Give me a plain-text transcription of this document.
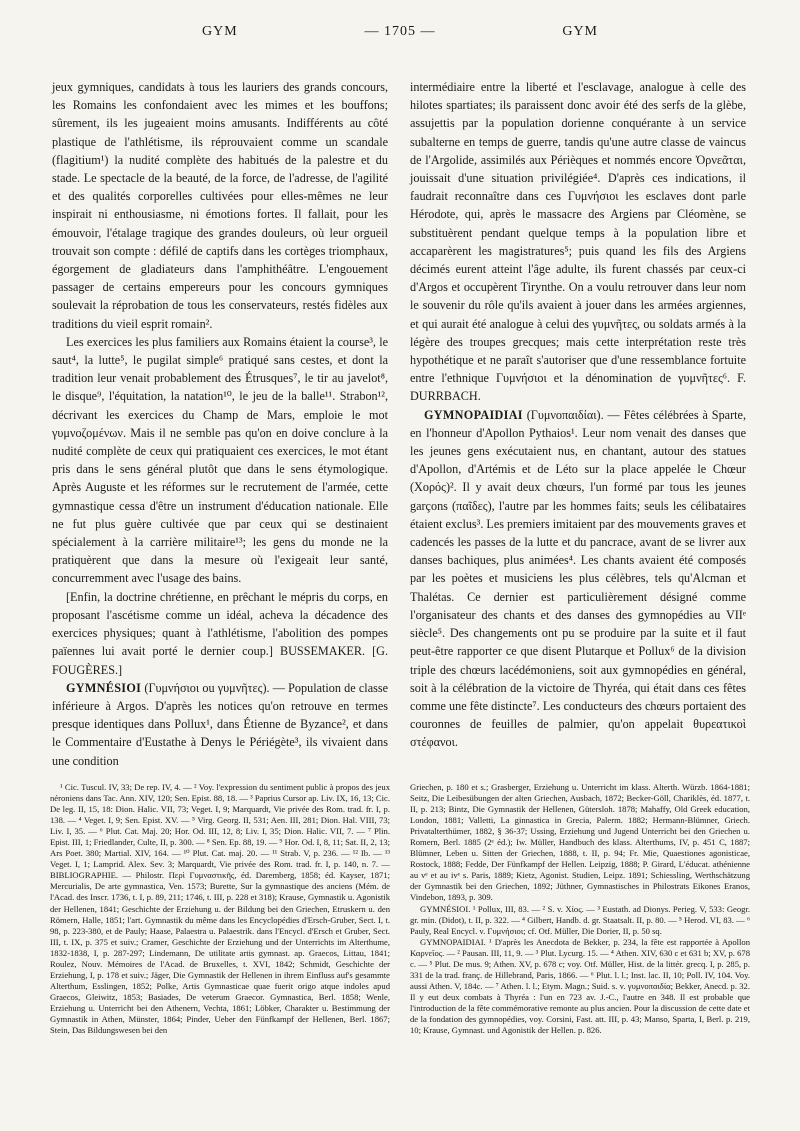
GYM	— 1705 —	GYM

jeux gymniques, candidats à tous les lauriers des grands concours, les Romains les confondaient avec les mimes et les bouffons; sûrement, ils les jugeaient moins amusants. Indifférents au côté plastique de l'athlétisme, ils réprouvaient comme un scandale (flagitium¹) la nudité complète des habitués de la palestre et du stade. Le spectacle de la beauté, de la force, de l'adresse, de l'agilité et des qualités corporelles cultivées pour elles-mêmes ne leur inspirait ni enthousiasme, ni émotions fortes. Il fallait, pour les émouvoir, l'étalage tragique des grandes douleurs, où leur orgueil trouvait son compte : défilé de captifs dans les cortèges triomphaux, égorgement de gladiateurs dans l'amphithéâtre. L'engouement passager de certains empereurs pour les concours gymniques soulevait la réprobation de tous les conservateurs, restés fidèles aux traditions du vieil esprit romain².

Les exercices les plus familiers aux Romains étaient la course³, le saut⁴, la lutte⁵, le pugilat simple⁶ pratiqué sans cestes, et dont la tradition leur venait probablement des Étrusques⁷, le tir au javelot⁸, le disque⁹, l'équitation, la natation¹⁰, le jeu de la balle¹¹. Strabon¹², décrivant les exercices du Champ de Mars, emploie le mot γυμνοζομένων. Mais il ne semble pas qu'on en doive conclure à la nudité complète de ceux qui pratiquaient ces exercices, le mot étant pris dans le sens général plutôt que dans le sens étymologique. Après Auguste et les réformes sur le recrutement de l'armée, cette gymnastique cessa d'être un instrument d'éducation nationale. Elle ne fut plus guère cultivée que par ceux qui se destinaient spécialement à la carrière militaire¹³; les gens du monde ne la pratiquèrent que dans la mesure où l'exigeait leur santé, concurremment avec l'usage des bains.

[Enfin, la doctrine chrétienne, en prêchant le mépris du corps, en proposant l'ascétisme comme un idéal, acheva la décadence des exercices physiques; quant à l'athlétisme, l'abolition des pompes païennes lui avait porté le dernier coup.] BUSSEMAKER. [G. FOUGÈRES.]

GYMNÉSIOI (Γυμνήσιοι ou γυμνῆτες). — Population de classe inférieure à Argos. D'après les notices qu'on retrouve en termes presque identiques dans Pollux¹, dans Étienne de Byzance², et dans le Commentaire d'Eustathe à Denys le Périégète³, ils vivaient dans une condition

intermédiaire entre la liberté et l'esclavage, analogue à celle des hilotes spartiates; ils paraissent donc avoir été des serfs de la glèbe, assujettis par la population dorienne conquérante à un service subalterne en temps de guerre, tandis qu'une autre classe de vaincus de l'Argolide, assimilés aux Périèques et nommés encore Ὀρνεᾶται, jouissait d'une situation privilégiée⁴. D'après ces indications, il faudrait reconnaître dans ces Γυμνήσιοι les esclaves dont parle Hérodote, qui, après le massacre des Argiens par Cléomène, se substituèrent pendant quelque temps à la population libre et accaparèrent les magistratures⁵; puis quand les fils des Argiens décimés eurent atteint l'âge adulte, ils furent chassés par ceux-ci d'Argos et occupèrent Tirynthe. On a voulu retrouver dans leur nom le souvenir du rôle qu'ils avaient à jouer dans les armées argiennes, et qui aurait été analogue à celui des γυμνῆτες, ou soldats armés à la légère des troupes grecques; mais cette interprétation reste très hypothétique et ne paraît s'autoriser que d'une ressemblance fortuite entre l'ethnique Γυμνήσιοι et la dénomination de γυμνῆτες⁶. F. DURRBACH.

GYMNOPAIDIAI (Γυμνοπαιδίαι). — Fêtes célébrées à Sparte, en l'honneur d'Apollon Pythaios¹. Leur nom venait des danses que les jeunes gens exécutaient nus, en chantant, autour des statues d'Apollon, d'Artémis et de Léto sur la place appelée le Chœur (Χορός)². Il y avait deux chœurs, l'un formé par tous les jeunes garçons (παῖδες), l'autre par les hommes faits; seuls les célibataires étaient exclus³. Les premiers imitaient par des mouvements graves et cadencés les passes de la lutte et du pancrace, avant de se livrer aux danses bachiques, plus animées⁴. Les chants avaient été composés par les poètes et musiciens les plus célèbres, tels qu'Alcman et Thalétas. Ce dernier est particulièrement désigné comme l'organisateur des chants et des danses des gymnopédies au VIIᵉ siècle⁵. Des changements ont pu se produire par la suite et il faut peut-être rapporter ce que disent Plutarque et Pollux⁶ de la division triple des chœurs lacédémoniens, soit aux gymnopédies en général, soit à la célébration de la victoire de Thyréa, qui était dans ces fêtes comme une fête distincte⁷. Les conducteurs des chœurs portaient des couronnes de feuilles de palmier, qu'on appelait θυρεατικοὶ στέφανοι.

¹ Cic. Tuscul. IV, 33; De rep. IV, 4. — ² Voy. l'expression du sentiment public à propos des jeux néroniens dans Tac. Ann. XIV, 120; Sen. Epist. 88, 18. — ³ Paprius Cursor ap. Liv. IX, 16, 13; Cic. De leg. II, 15, 18: Dion. Halic. VII, 73; Veget. I, 9; Marquardt, Vie privée des Rom. trad. fr. I, p. 138. — ⁴ Veget. I, 9; Sen. Epist. XV. — ⁵ Virg. Georg. II, 531; Aen. III, 281; Dion. Hal. VIII, 73; Liv. I, 35. — ⁶ Plut. Cat. Maj. 20; Hor. Od. III, 12, 8; Liv. I, 35; Dion. Halic. VII, 7. — ⁷ Plin. Epist. III, 1; Friedlander, Culte, II, p. 300. — ⁸ Sen. Ep. 88, 19. — ⁹ Hor. Od. I, 8, 11; Sat. II, 2, 13; Ars Poet. 380; Martial. XIV, 164. — ¹⁰ Plut. Cat. maj. 20. — ¹¹ Strab. V, p. 236. — ¹² Ib. — ¹³ Veget. I, 1; Lamprid. Alex. Sev. 3; Marquardt, Vie privée des Rom. trad. fr. I, p. 140, n. 7. — BIBLIOGRAPHIE. — Philostr. Περὶ Γυμναστικῆς, éd. Daremberg, 1858; éd. Kayser, 1871; Mercurialis, De arte gymnastica, Ven. 1573; Burette, Sur la gymnastique des anciens (Mém. de l'Acad. des Inscr. 1736, t. I, p. 89, 211; 1746, t. III, p. 228 et 318); Krause, Gymnastik u. Agonistik der Hellenen, 1841; Geschichte der Erziehung u. der Bildung bei den Griechen, Etruskern u. den Römern, Halle, 1851; l'art. Gymnastik du même dans les Encyclopédies d'Ersch-Gruber, Sect. I, t. 98, p. 223-380, et de Pauly; Haase, Palaestra u. Palaestrik. dans l'Encycl. d'Ersch et Gruber, Sect. III, t. IX, p. 375 et suiv.; Cramer, Geschichte der Erziehung und der Unterrichts im Alterthume, 1832-1838, I, p. 287-297; Lindemann, De utilitate artis gymnast. ap. Graecos, Littau, 1841; Roulez, Nouv. Mémoires de l'Acad. de Bruxelles, t. XVI, 1842; Schmidt, Geschichte der Erziehung, I, p. 178 et suiv.; Jäger, Die Gymnastik der Hellenen in ihrem Einfluss auf's gesammte Alterthum, Esslingen, 1852; Polke, Artis Gymnasticae quae fuerit origo atque indoles apud Graecos, Gleiwitz, 1853; Basiades, De veterum Graecor. Gymnastica, Berl. 1858; Wenle, Erziehung u. Unterricht bei den Athenern, Vechta, 1861; Löbker, Charakter u. Bestimmung der Gymnastik in Athen, Münster, 1864; Pinder, Ueber den Fünfkampf der Hellenen, Berl. 1867; Stein, Das Bildungswesen bei den

Griechen, p. 180 et s.; Grasberger, Erziehung u. Unterricht im klass. Alterth. Würzb. 1864-1881; Seitz, Die Leibesübungen der alten Griechen, Ausbach, 1872; Becker-Göll, Chariklès, éd. 1877, t. II, p. 213; Bintz, Die Gymnastik der Hellenen, Gütersloh. 1878; Mahaffy, Old Greek education, London, 1881; Valletti, La ginnastica in Grecia, Palerm. 1882; Hermann-Blümner, Griech. Privatalterthümer, 1882, § 36-37; Ussing, Erziehung und Jugend Unterricht bei den Griechen u. Romern, Berl. 1885 (2ᵉ éd.); Iw. Müller, Handbuch des klass. Alterthums, IV, p. 451 C, 1887; Blümner, Leben u. Sitten der Griechen, 1888, t. II, p. 94; Fr. Mie, Quaestiones agonisticae, Rostock, 1888; Fedde, Der Fünfkampf der Hellen. Leipzig, 1888; P. Girard, L'éducat. athénienne au vᵉ et au ivᵉ s. Paris, 1889; Kietz, Agonist. Studien, Leipz. 1891; Schiessling, Werthschätzung der Gymnastik bei den Griechen, 1892; Jüthner, Gymnastisches in Philostrats Eikones Eranos, Vindebon, 1893, p. 309.

GYMNÉSIOI. ¹ Pollux, III, 83. — ² S. v. Χίος. — ³ Eustath. ad Dionys. Perieg. V, 533: Geogr. gr. min. (Didot), t. II, p. 322. — ⁴ Gilbert, Handb. d. gr. Staatsalt. II, p. 80. — ⁵ Herod. VI, 83. — ⁶ Pauly, Real Encycl. v. Γυμνήσιοι; cf. Otf. Müller, Die Dorier, II, p. 50 sq.

GYMNOPAIDIAI. ¹ D'après les Anecdota de Bekker, p. 234, la fête est rapportée à Apollon Καρνεῖος. — ² Pausan. III, 11, 9. — ³ Plut. Lycurg. 15. — ⁴ Athen. XIV, 630 c et 631 b; XV, p. 678 c. — ⁵ Plut. De mus. 9; Athen. XV, p. 678 c; voy. Otf. Müller, Hist. de la littér. grecq. I, p. 285, p. 331 de la trad. franç. de Hillebrand, Paris, 1866. — ⁶ Plut. l. l.; Inst. lac. II, 10; Poll. IV, 104. Voy. aussi Athen. V, 184c. — ⁷ Athen. l. l.; Etym. Magn.; Suid. s. v. γυμνοπαιδία; Bekker, Anecd. p. 32. Il y eut deux combats à Thyréa : l'un en 723 av. J.-C., l'autre en 348. Il est probable que l'introduction de la fête commémorative remonte au plus ancien. Pour la discussion de cette date et de la fondation des gymnopédies, voy. Corsini, Fast. att. III, p. 43; Manso, Sparta, I, Berl. p. 219, 10; Krause, Gymnast. und Agonistik der Hellen. p. 826.
